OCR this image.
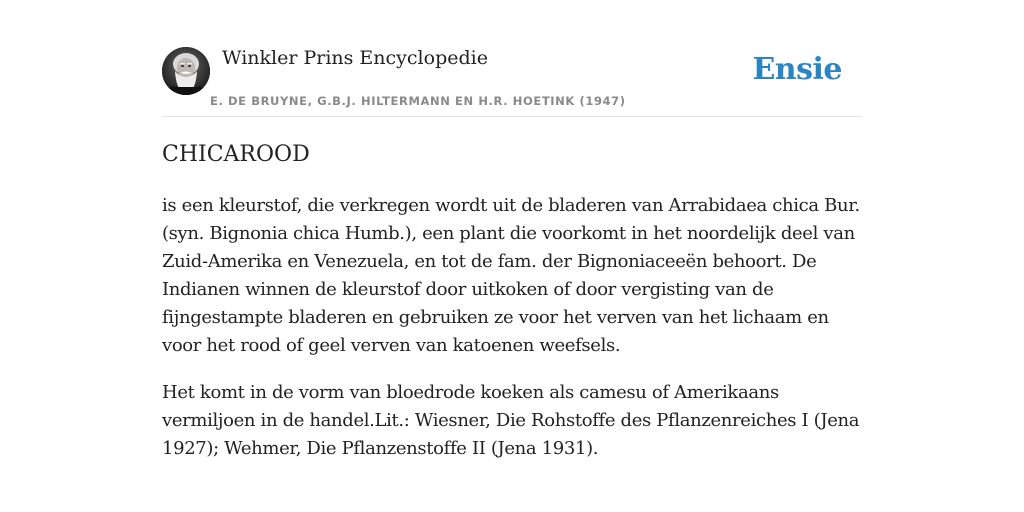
Winkler Prins Encyclopedie
E. DE BRUYNE, G.B.J. HILTERMANN EN H.R. HOETINK (1947)
Ensie
CHICAROOD

is een kleurstof, die verkregen wordt uit de bladeren van Arrabidaea chica Bur. (syn. Bignonia chica Humb.), een plant die voorkomt in het noordelijk deel van Zuid-Amerika en Venezuela, en tot de fam. der Bignoniaceeën behoort. De Indianen winnen de kleurstof door uitkoken of door vergisting van de fijngestampte bladeren en gebruiken ze voor het verven van het lichaam en voor het rood of geel verven van katoenen weefsels.

Het komt in de vorm van bloedrode koeken als camesu of Amerikaans vermiljoen in de handel.Lit.: Wiesner, Die Rohstoffe des Pflanzenreiches I (Jena 1927); Wehmer, Die Pflanzenstoffe II (Jena 1931).
